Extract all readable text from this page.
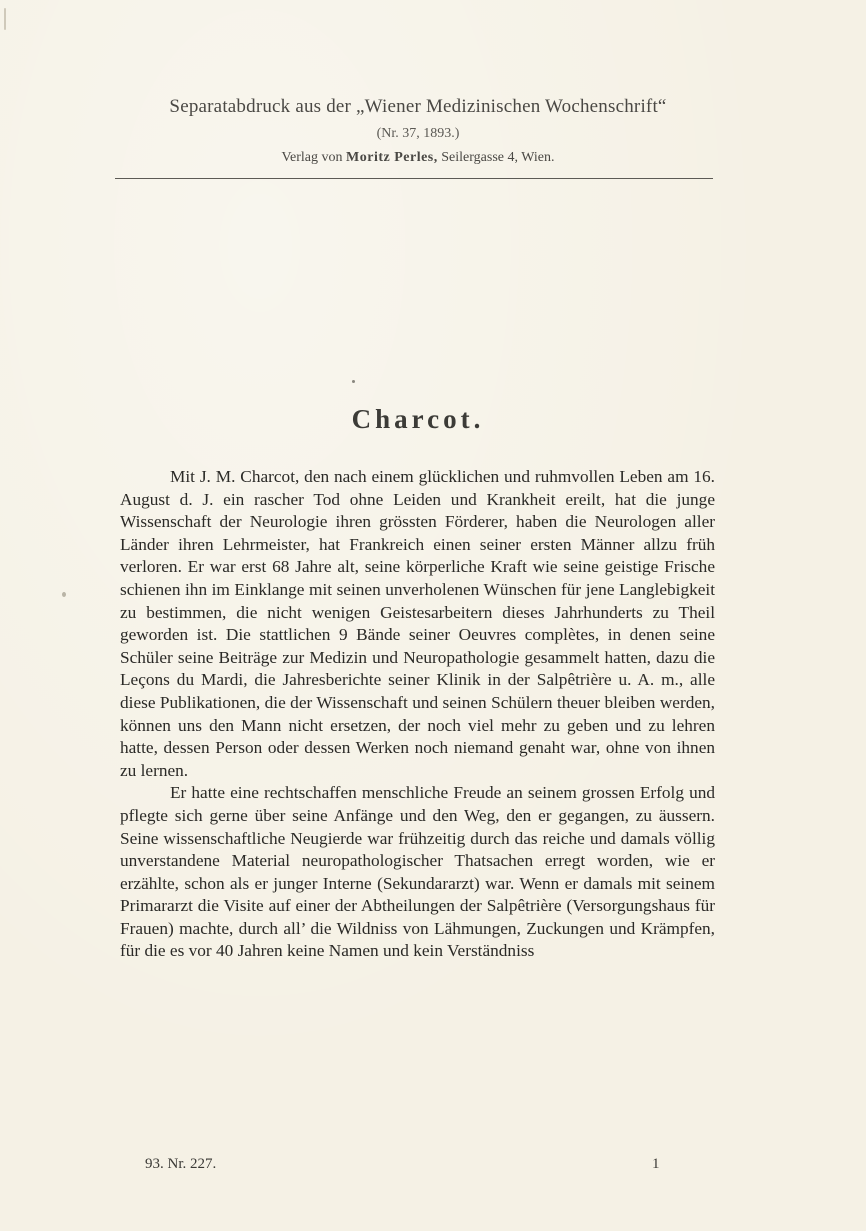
Separatabdruck aus der „Wiener Medizinischen Wochenschrift“
(Nr. 37, 1893.)
Verlag von Moritz Perles, Seilergasse 4, Wien.
Charcot.

Mit J. M. Charcot, den nach einem glücklichen und ruhmvollen Leben am 16. August d. J. ein rascher Tod ohne Leiden und Krankheit ereilt, hat die junge Wissenschaft der Neurologie ihren grössten Förderer, haben die Neurologen aller Länder ihren Lehrmeister, hat Frankreich einen seiner ersten Männer allzu früh verloren. Er war erst 68 Jahre alt, seine körperliche Kraft wie seine geistige Frische schienen ihn im Einklange mit seinen unverholenen Wünschen für jene Langlebigkeit zu bestimmen, die nicht wenigen Geistesarbeitern dieses Jahrhunderts zu Theil geworden ist. Die stattlichen 9 Bände seiner Oeuvres complètes, in denen seine Schüler seine Beiträge zur Medizin und Neuropathologie gesammelt hatten, dazu die Leçons du Mardi, die Jahresberichte seiner Klinik in der Salpêtrière u. A. m., alle diese Publikationen, die der Wissenschaft und seinen Schülern theuer bleiben werden, können uns den Mann nicht ersetzen, der noch viel mehr zu geben und zu lehren hatte, dessen Person oder dessen Werken noch niemand genaht war, ohne von ihnen zu lernen.

Er hatte eine rechtschaffen menschliche Freude an seinem grossen Erfolg und pflegte sich gerne über seine Anfänge und den Weg, den er gegangen, zu äussern. Seine wissenschaftliche Neugierde war frühzeitig durch das reiche und damals völlig unverstandene Material neuropathologischer Thatsachen erregt worden, wie er erzählte, schon als er junger Interne (Sekundararzt) war. Wenn er damals mit seinem Primararzt die Visite auf einer der Abtheilungen der Salpêtrière (Versorgungshaus für Frauen) machte, durch all’ die Wildniss von Lähmungen, Zuckungen und Krämpfen, für die es vor 40 Jahren keine Namen und kein Verständniss

93. Nr. 227.	1
